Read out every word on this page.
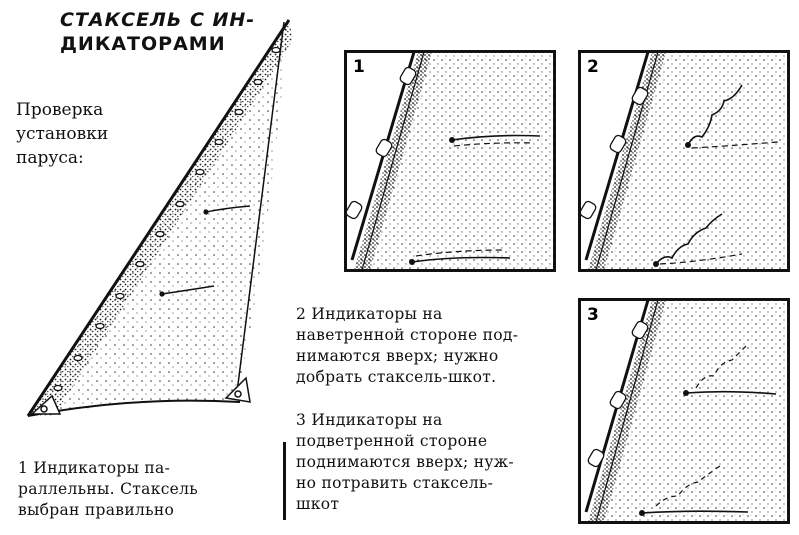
СТАКСЕЛЬ С ИН-
ДИКАТОРАМИ
Проверка
установки
паруса:
1	2
3
2 Индикаторы на
наветренной стороне под-
нимаются вверх; нужно
добрать стаксель-шкот.
3 Индикаторы на
подветренной стороне
поднимаются вверх; нуж-
но потравить стаксель-
шкот
1 Индикаторы па-
раллельны. Стаксель
выбран правильно
